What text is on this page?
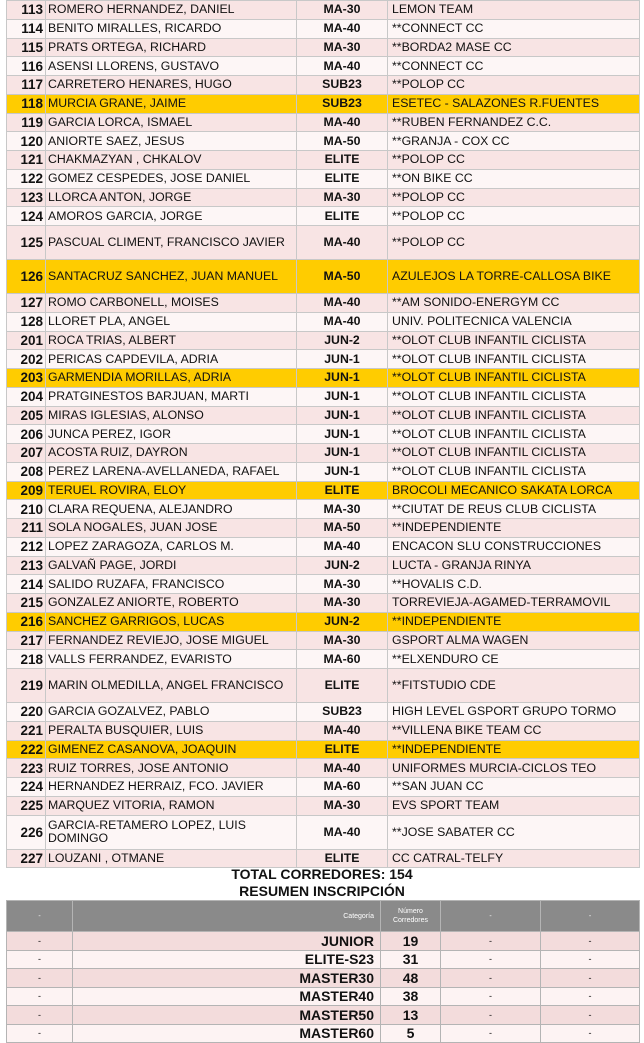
113	ROMERO HERNANDEZ, DANIEL	MA-30	LEMON TEAM
114	BENITO MIRALLES, RICARDO	MA-40	**CONNECT CC
115	PRATS ORTEGA, RICHARD	MA-30	**BORDA2 MASE CC
116	ASENSI LLORENS, GUSTAVO	MA-40	**CONNECT CC
117	CARRETERO HENARES, HUGO	SUB23	**POLOP CC
118	MURCIA GRANE, JAIME	SUB23	ESETEC - SALAZONES R.FUENTES
119	GARCIA LORCA, ISMAEL	MA-40	**RUBEN FERNANDEZ C.C.
120	ANIORTE SAEZ, JESUS	MA-50	**GRANJA - COX CC
121	CHAKMAZYAN , CHKALOV	ELITE	**POLOP CC
122	GOMEZ CESPEDES, JOSE DANIEL	ELITE	**ON BIKE CC
123	LLORCA ANTON, JORGE	MA-30	**POLOP CC
124	AMOROS GARCIA, JORGE	ELITE	**POLOP CC
125	PASCUAL CLIMENT, FRANCISCO JAVIER	MA-40	**POLOP CC
126	SANTACRUZ SANCHEZ, JUAN MANUEL	MA-50	AZULEJOS LA TORRE-CALLOSA BIKE
127	ROMO CARBONELL, MOISES	MA-40	**AM SONIDO-ENERGYM CC
128	LLORET PLA, ANGEL	MA-40	UNIV. POLITECNICA VALENCIA
201	ROCA TRIAS, ALBERT	JUN-2	**OLOT CLUB INFANTIL CICLISTA
202	PERICAS CAPDEVILA, ADRIA	JUN-1	**OLOT CLUB INFANTIL CICLISTA
203	GARMENDIA MORILLAS, ADRIA	JUN-1	**OLOT CLUB INFANTIL CICLISTA
204	PRATGINESTOS BARJUAN, MARTI	JUN-1	**OLOT CLUB INFANTIL CICLISTA
205	MIRAS IGLESIAS, ALONSO	JUN-1	**OLOT CLUB INFANTIL CICLISTA
206	JUNCA PEREZ, IGOR	JUN-1	**OLOT CLUB INFANTIL CICLISTA
207	ACOSTA RUIZ, DAYRON	JUN-1	**OLOT CLUB INFANTIL CICLISTA
208	PEREZ LARENA-AVELLANEDA, RAFAEL	JUN-1	**OLOT CLUB INFANTIL CICLISTA
209	TERUEL ROVIRA, ELOY	ELITE	BROCOLI MECANICO SAKATA LORCA
210	CLARA REQUENA, ALEJANDRO	MA-30	**CIUTAT DE REUS CLUB CICLISTA
211	SOLA NOGALES, JUAN JOSE	MA-50	**INDEPENDIENTE
212	LOPEZ ZARAGOZA, CARLOS M.	MA-40	ENCACON SLU CONSTRUCCIONES
213	GALVAÑ PAGE, JORDI	JUN-2	LUCTA - GRANJA RINYA
214	SALIDO RUZAFA, FRANCISCO	MA-30	**HOVALIS C.D.
215	GONZALEZ ANIORTE, ROBERTO	MA-30	TORREVIEJA-AGAMED-TERRAMOVIL
216	SANCHEZ GARRIGOS, LUCAS	JUN-2	**INDEPENDIENTE
217	FERNANDEZ REVIEJO, JOSE MIGUEL	MA-30	GSPORT ALMA WAGEN
218	VALLS FERRANDEZ, EVARISTO	MA-60	**ELXENDURO CE
219	MARIN OLMEDILLA, ANGEL FRANCISCO	ELITE	**FITSTUDIO CDE
220	GARCIA GOZALVEZ, PABLO	SUB23	HIGH LEVEL GSPORT GRUPO TORMO
221	PERALTA BUSQUIER, LUIS	MA-40	**VILLENA BIKE TEAM CC
222	GIMENEZ CASANOVA, JOAQUIN	ELITE	**INDEPENDIENTE
223	RUIZ TORRES, JOSE ANTONIO	MA-40	UNIFORMES MURCIA-CICLOS TEO
224	HERNANDEZ HERRAIZ, FCO. JAVIER	MA-60	**SAN JUAN CC
225	MARQUEZ VITORIA, RAMON	MA-30	EVS SPORT TEAM
226	GARCIA-RETAMERO LOPEZ, LUIS DOMINGO	MA-40	**JOSE SABATER CC
227	LOUZANI , OTMANE	ELITE	CC CATRAL-TELFY
TOTAL CORREDORES: 154
RESUMEN INSCRIPCIÓN
-	Categoría	Número Corredores	-	-
-	JUNIOR	19	-	-
-	ELITE-S23	31	-	-
-	MASTER30	48	-	-
-	MASTER40	38	-	-
-	MASTER50	13	-	-
-	MASTER60	5	-	-
